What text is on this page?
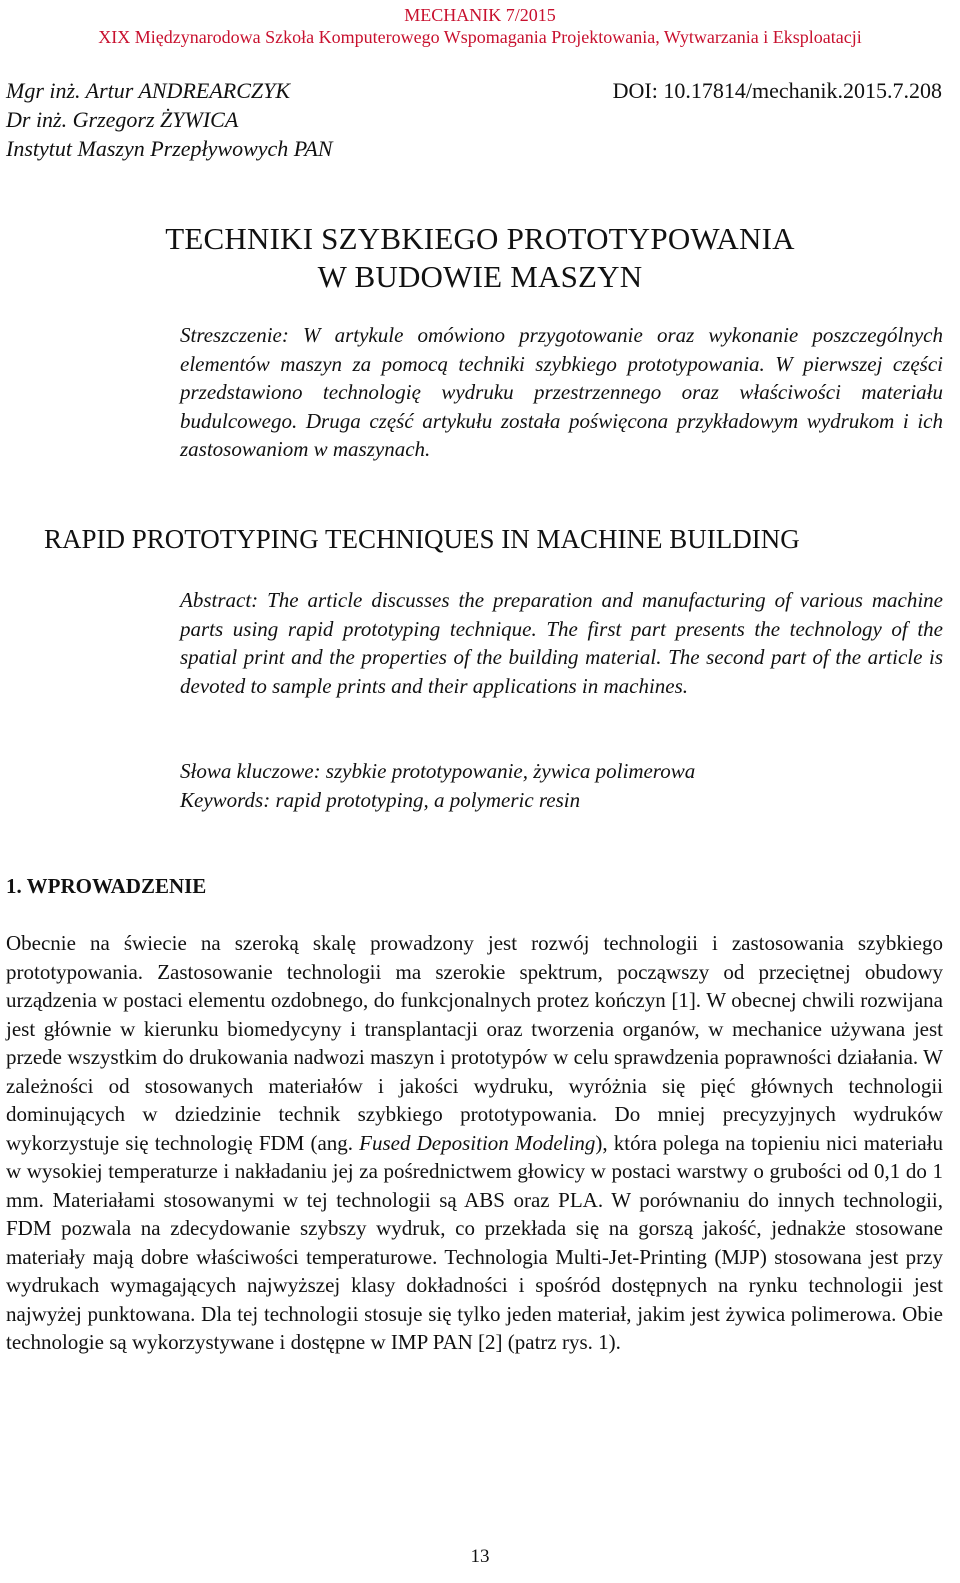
MECHANIK 7/2015
XIX Międzynarodowa Szkoła Komputerowego Wspomagania Projektowania, Wytwarzania i Eksploatacji
Mgr inż. Artur ANDREARCZYK
Dr inż. Grzegorz ŻYWICA
Instytut Maszyn Przepływowych PAN
DOI: 10.17814/mechanik.2015.7.208
TECHNIKI SZYBKIEGO PROTOTYPOWANIA
W BUDOWIE MASZYN
Streszczenie: W artykule omówiono przygotowanie oraz wykonanie poszczególnych elementów maszyn za pomocą techniki szybkiego prototypowania. W pierwszej części przedstawiono technologię wydruku przestrzennego oraz właściwości materiału budulcowego. Druga część artykułu została poświęcona przykładowym wydrukom i ich zastosowaniom w maszynach.
RAPID PROTOTYPING TECHNIQUES IN MACHINE BUILDING
Abstract: The article discusses the preparation and manufacturing of various machine parts using rapid prototyping technique. The first part presents the technology of the spatial print and the properties of the building material. The second part of the article is devoted to sample prints and their applications in machines.
Słowa kluczowe: szybkie prototypowanie, żywica polimerowa
Keywords: rapid prototyping, a polymeric resin
1. WPROWADZENIE
Obecnie na świecie na szeroką skalę prowadzony jest rozwój technologii i zastosowania szybkiego prototypowania. Zastosowanie technologii ma szerokie spektrum, począwszy od przeciętnej obudowy urządzenia w postaci elementu ozdobnego, do funkcjonalnych protez kończyn [1]. W obecnej chwili rozwijana jest głównie w kierunku biomedycyny i transplantacji oraz tworzenia organów, w mechanice używana jest przede wszystkim do drukowania nadwozi maszyn i prototypów w celu sprawdzenia poprawności działania. W zależności od stosowanych materiałów i jakości wydruku, wyróżnia się pięć głównych technologii dominujących w dziedzinie technik szybkiego prototypowania. Do mniej precyzyjnych wydruków wykorzystuje się technologię FDM (ang. Fused Deposition Modeling), która polega na topieniu nici materiału w wysokiej temperaturze i nakładaniu jej za pośrednictwem głowicy w postaci warstwy o grubości od 0,1 do 1 mm. Materiałami stosowanymi w tej technologii są ABS oraz PLA. W porównaniu do innych technologii, FDM pozwala na zdecydowanie szybszy wydruk, co przekłada się na gorszą jakość, jednakże stosowane materiały mają dobre właściwości temperaturowe. Technologia Multi-Jet-Printing (MJP) stosowana jest przy wydrukach wymagających najwyższej klasy dokładności i spośród dostępnych na rynku technologii jest najwyżej punktowana. Dla tej technologii stosuje się tylko jeden materiał, jakim jest żywica polimerowa. Obie technologie są wykorzystywane i dostępne w IMP PAN [2] (patrz rys. 1).
13
